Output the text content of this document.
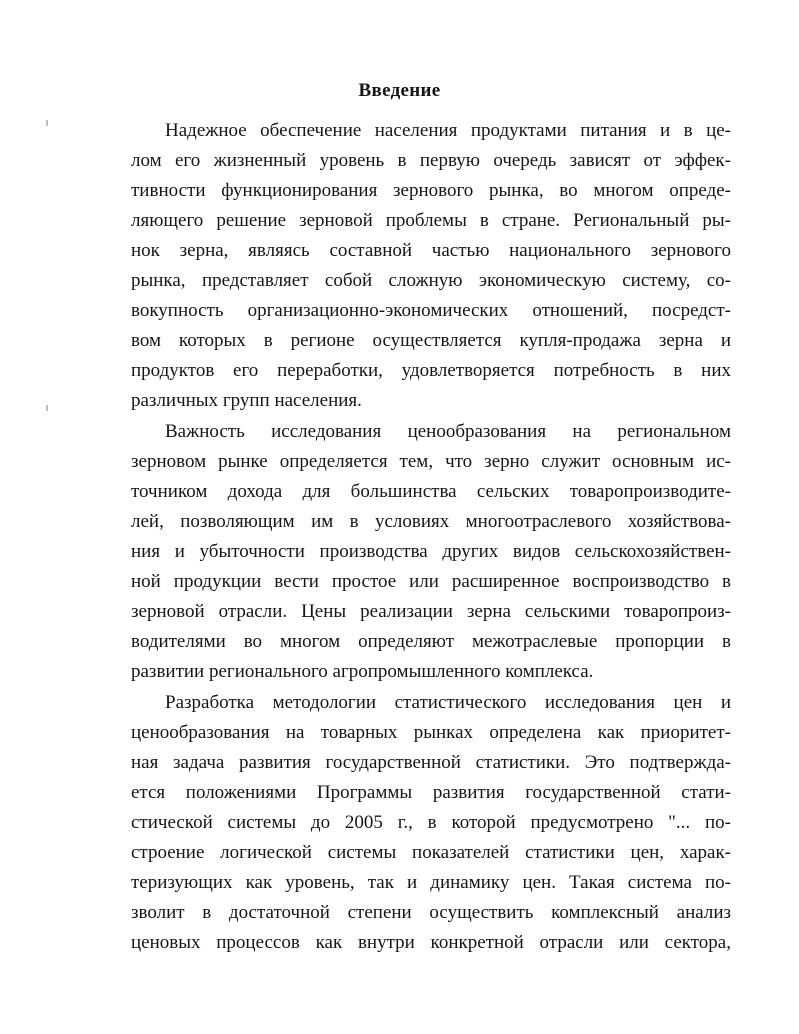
Введение
Надежное обеспечение населения продуктами питания и в це-
лом его жизненный уровень в первую очередь зависят от эффек-
тивности функционирования зернового рынка, во многом опреде-
ляющего решение зерновой проблемы в стране. Региональный ры-
нок зерна, являясь составной частью национального зернового
рынка, представляет собой сложную экономическую систему, со-
вокупность организационно-экономических отношений, посредст-
вом которых в регионе осуществляется купля-продажа зерна и
продуктов его переработки, удовлетворяется потребность в них
различных групп населения.
Важность исследования ценообразования на региональном
зерновом рынке определяется тем, что зерно служит основным ис-
точником дохода для большинства сельских товаропроизводите-
лей, позволяющим им в условиях многоотраслевого хозяйствова-
ния и убыточности производства других видов сельскохозяйствен-
ной продукции вести простое или расширенное воспроизводство в
зерновой отрасли. Цены реализации зерна сельскими товаропроиз-
водителями во многом определяют межотраслевые пропорции в
развитии регионального агропромышленного комплекса.
Разработка методологии статистического исследования цен и
ценообразования на товарных рынках определена как приоритет-
ная задача развития государственной статистики. Это подтвержда-
ется положениями Программы развития государственной стати-
стической системы до 2005 г., в которой предусмотрено "... по-
строение логической системы показателей статистики цен, харак-
теризующих как уровень, так и динамику цен. Такая система по-
зволит в достаточной степени осуществить комплексный анализ
ценовых процессов как внутри конкретной отрасли или сектора,
